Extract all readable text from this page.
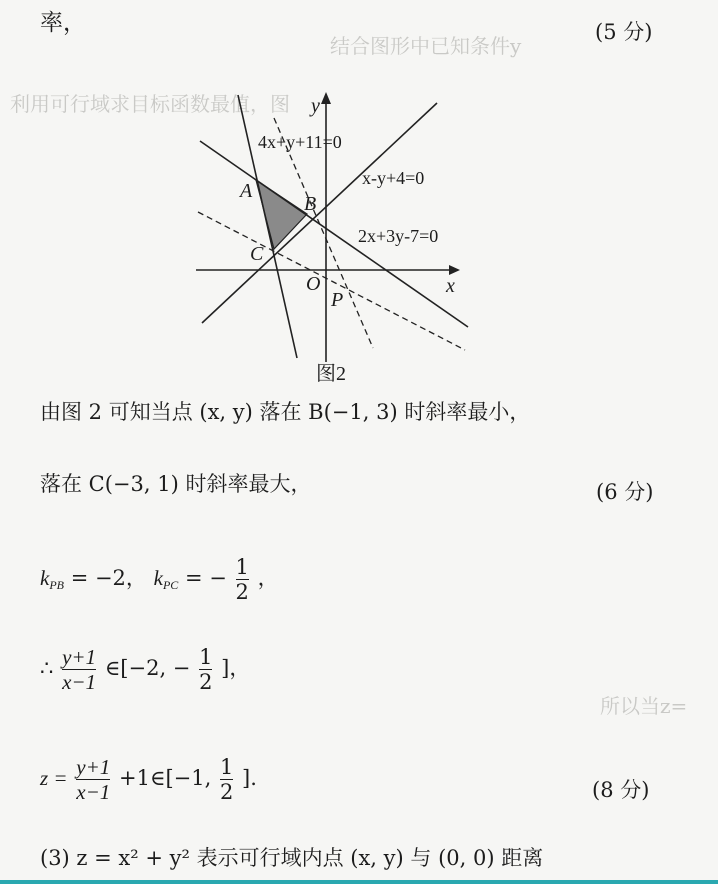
结合图形中已知条件y
利用可行域求目标函数最值，图
所以当z=
率，	(5 分)
y
x
O
A
B
C
P
4x+y+11=0
x-y+4=0
2x+3y-7=0
图2
由图 2 可知当点 (x, y) 落在 B(−1, 3) 时斜率最小，
落在 C(−3, 1) 时斜率最大，	(6 分)
$k_{PB} = -2$， $k_{PC}$ = − $\frac{1}{2}$ ，
∴ $\frac{y+1}{x-1}$ ∈[−2, − $\frac{1}{2}$ ]，
$z = \frac{y+1}{x-1}$ +1∈[−1, $\frac{1}{2}$ ].	(8 分)
(3) z = x² + y² 表示可行域内点 (x, y) 与 (0, 0) 距离
